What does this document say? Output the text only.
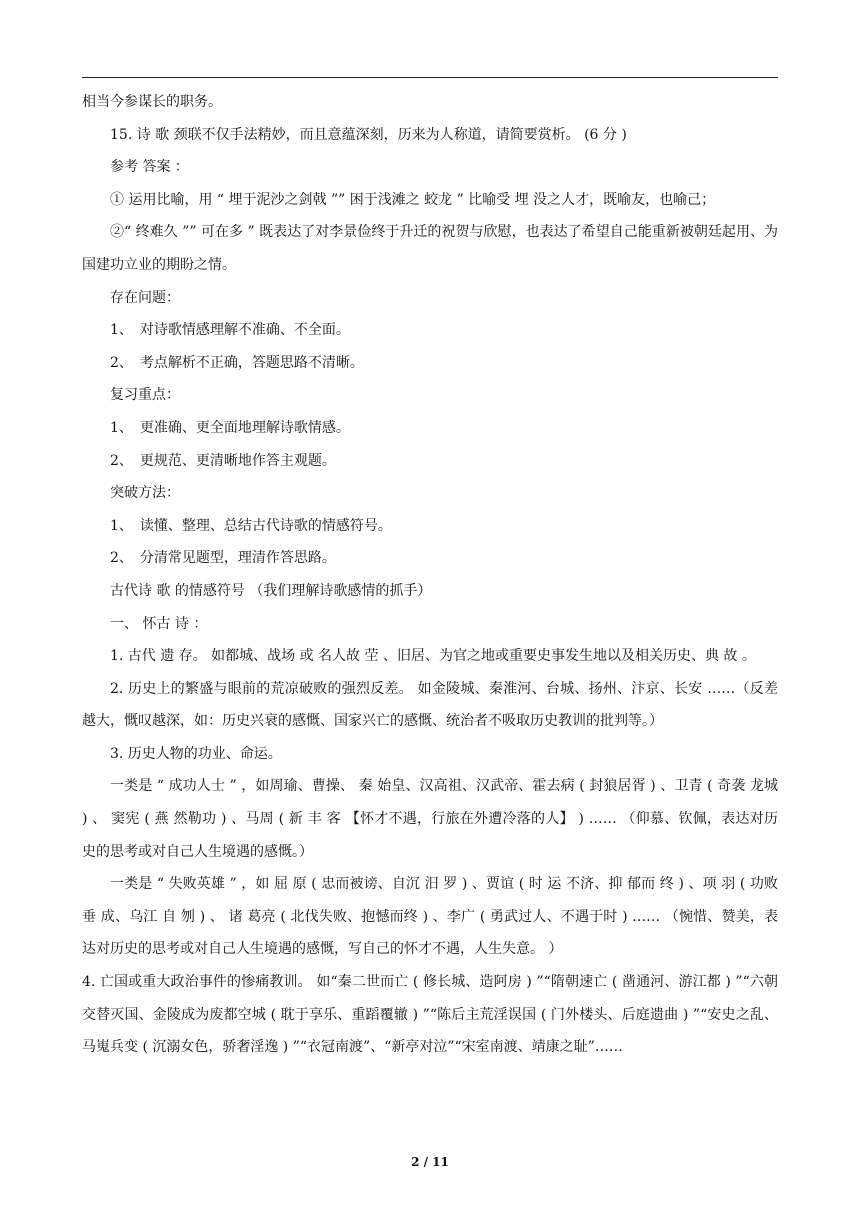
相当今参谋长的职务。

15. 诗 歌 颈联不仅手法精妙，而且意蕴深刻，历来为人称道，请简要赏析。 (6 分 )

参考 答案 ：

① 运用比喻，用 “ 埋于泥沙之剑戟 ”” 困于浅滩之 蛟龙 ” 比喻受 埋 没之人才，既喻友，也喻己；

②“ 终难久 ”” 可在多 ” 既表达了对李景俭终于升迁的祝贺与欣慰，也表达了希望自己能重新被朝廷起用、为国建功立业的期盼之情。

存在问题：

1、　对诗歌情感理解不准确、不全面。

2、　考点解析不正确，答题思路不清晰。

复习重点：

1、　更准确、更全面地理解诗歌情感。

2、　更规范、更清晰地作答主观题。

突破方法：

1、　读懂、整理、总结古代诗歌的情感符号。

2、　分清常见题型，理清作答思路。

古代诗 歌 的情感符号 （我们理解诗歌感情的抓手）

一、 怀古 诗 ：

1. 古代 遗 存。 如都城、战场 或 名人故 茔 、旧居、为官之地或重要史事发生地以及相关历史、典 故 。

2. 历史上的繁盛与眼前的荒凉破败的强烈反差。 如金陵城、秦淮河、台城、扬州、汴京、长安 ……（反差越大，慨叹越深，如：历史兴衰的感慨、国家兴亡的感慨、统治者不吸取历史教训的批判等。）

3. 历史人物的功业、命运。

一类是 “ 成功人士 ” ，如周瑜、曹操、 秦 始皇、汉高祖、汉武帝、霍去病 ( 封狼居胥 ) 、卫青 ( 奇袭 龙城 ) 、 窦宪 ( 燕 然勒功 ) 、马周 ( 新 丰 客 【怀才不遇，行旅在外遭冷落的人】 ) …… （仰慕、钦佩，表达对历史的思考或对自己人生境遇的感慨。）

一类是 “ 失败英雄 ” ，如 屈 原 ( 忠而被谤、自沉 汨 罗 ) 、贾谊 ( 时 运 不济、抑 郁而 终 ) 、项 羽 ( 功败 垂 成、乌江 自 刎 ) 、 诸 葛亮 ( 北伐失败、抱憾而终 ) 、李广 ( 勇武过人、不遇于时 ) …… （惋惜、赞美，表达对历史的思考或对自己人生境遇的感慨，写自己的怀才不遇，人生失意。 ）

4. 亡国或重大政治事件的惨痛教训。 如“秦二世而亡 ( 修长城、造阿房 ) ”“隋朝速亡 ( 凿通河、游江都 ) ”“六朝交替灭国、金陵成为废都空城 ( 耽于享乐、重蹈覆辙 ) ”“陈后主荒淫误国 ( 门外楼头、后庭遗曲 ) ”“安史之乱、马嵬兵变 ( 沉溺女色，骄奢淫逸 ) ”“衣冠南渡”、“新亭对泣”“宋室南渡、靖康之耻”……

2 / 11
